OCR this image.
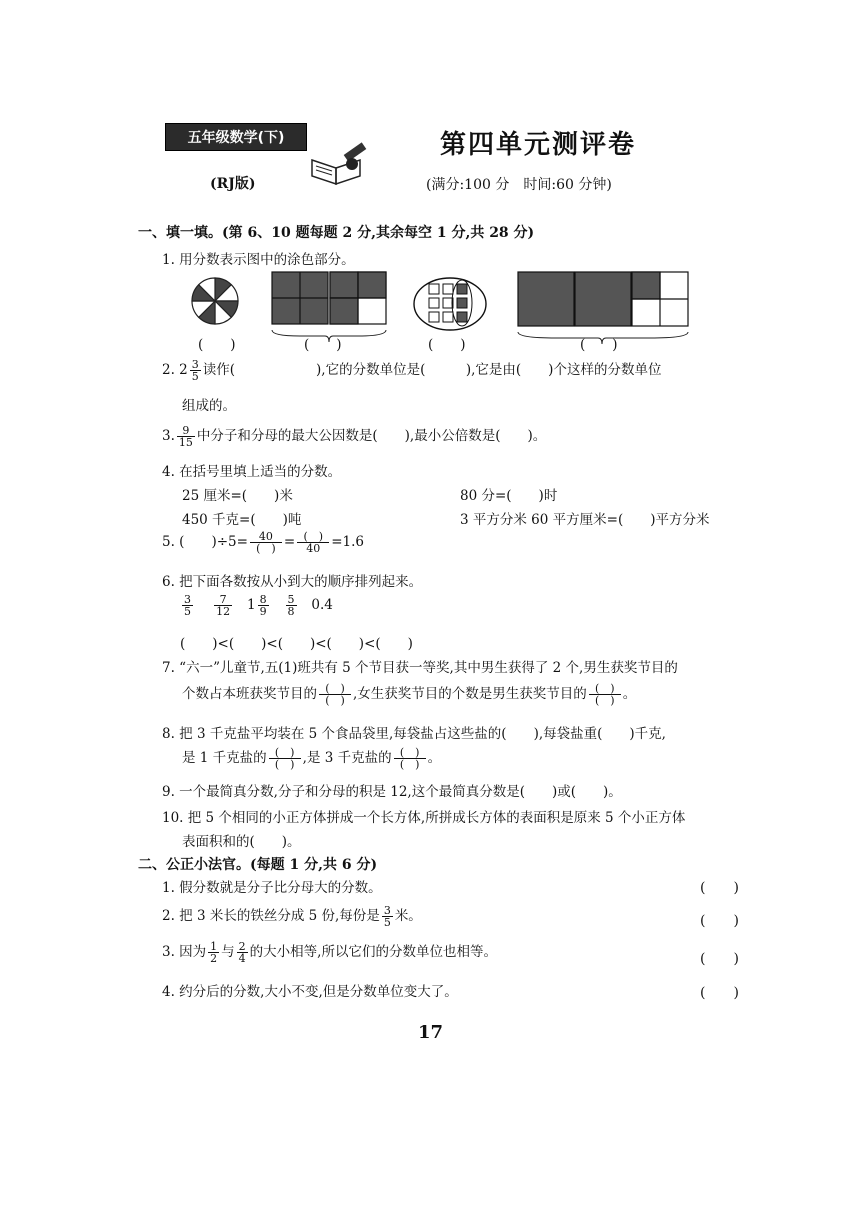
五年级数学(下)
(RJ版)
第四单元测评卷
(满分:100 分　时间:60 分钟)
一、填一填。(第 6、10 题每题 2 分,其余每空 1 分,共 28 分)
1. 用分数表示图中的涂色部分。
(　　)	(　　)	(　　)	(　　)
2. $2 \frac{3}{5}$ 读作(　　　　　　),它的分数单位是(　　　),它是由(　　)个这样的分数单位
组成的。
3. $\frac{9}{15}$ 中分子和分母的最大公因数是(　　),最小公倍数是(　　)。
4. 在括号里填上适当的分数。
25 厘米=(　　)米	80 分=(　　)时
450 千克=(　　)吨	3 平方分米 60 平方厘米=(　　)平方分米
5. (　　)$\div 5= \frac{40}{( )} = \frac{( )}{40} =1.6$
6. 把下面各数按从小到大的顺序排列起来。
$\frac{3}{5}$
$\frac{7}{12} 1 \frac{8}{9}$
$\frac{5}{8} 0.4$
(　　)<(　　)<(　　)<(　　)<(　　)
7. “六一”儿童节,五(1)班共有 5 个节目获一等奖,其中男生获得了 2 个,男生获奖节目的
个数占本班获奖节目的 $\frac{( )}{( )}$ ,女生获奖节目的个数是男生获奖节目的 $\frac{( )}{( )}$ 。
8. 把 3 千克盐平均装在 5 个食品袋里,每袋盐占这些盐的(　　),每袋盐重(　　)千克,
是 1 千克盐的 $\frac{( )}{( )}$ ,是 3 千克盐的 $\frac{( )}{( )}$ 。
9. 一个最简真分数,分子和分母的积是 12,这个最简真分数是(　　)或(　　)。
10. 把 5 个相同的小正方体拼成一个长方体,所拼成长方体的表面积是原来 5 个小正方体
表面积和的(　　)。
二、公正小法官。(每题 1 分,共 6 分)
1. 假分数就是分子比分母大的分数。	(　　)
2. 把 3 米长的铁丝分成 5 份,每份是 $\frac{3}{5}$ 米。	(　　)
3. 因为 $\frac{1}{2}$ 与 $\frac{2}{4}$ 的大小相等,所以它们的分数单位也相等。	(　　)
4. 约分后的分数,大小不变,但是分数单位变大了。	(　　)
17
